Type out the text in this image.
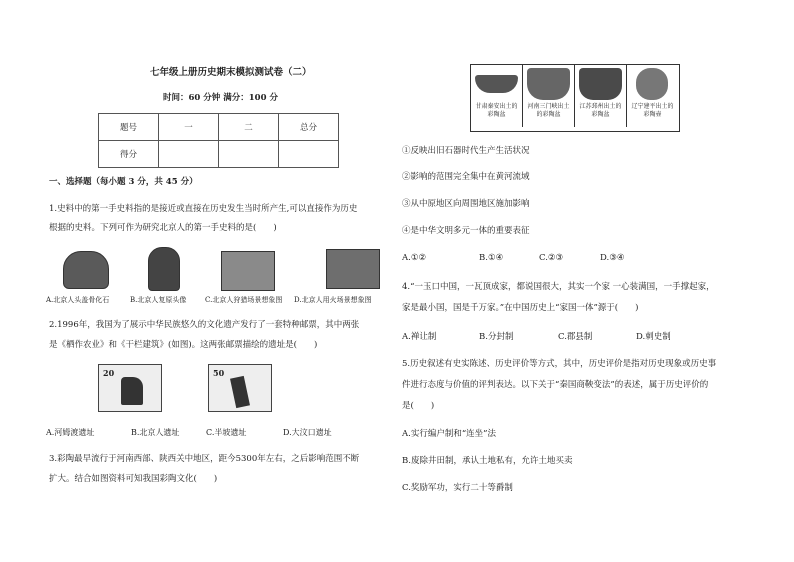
七年级上册历史期末模拟测试卷（二）
时间：60 分钟 满分：100 分
题号	一	二	总分
得分			
一、选择题（每小题 3 分，共 45 分）
1.史料中的第一手史料指的是接近或直接在历史发生当时所产生,可以直接作为历史
根据的史料。下列可作为研究北京人的第一手史料的是(　　)
A.北京人头盖骨化石	B.北京人复原头像	C.北京人狩猎场景想象图 D.北京人用火场景想象图
2.1996年，我国为了展示中华民族悠久的文化遗产发行了一套特种邮票，其中两张
是《栖作农业》和《干栏建筑》(如图)。这两张邮票描绘的遗址是(　　)
20	50
A.河姆渡遗址	B.北京人遗址	C.半坡遗址	D.大汶口遗址
3.彩陶最早流行于河南西部、陕西关中地区，距今5300年左右，之后影响范围不断
扩大。结合如图资料可知我国彩陶文化(　　)
甘肃秦安出土的彩陶盆
河南三门峡出土的彩陶盆
江苏邳州出土的彩陶盆
辽宁建平出土的彩陶壶
①反映出旧石器时代生产生活状况
②影响的范围完全集中在黄河流域
③从中原地区向周围地区施加影响
④是中华文明多元一体的重要表征
A.①②	B.①④	C.②③	D.③④
4.“一玉口中国，一瓦顶成家，都说国很大，其实一个家 一心装满国，一手撑起家，
家是最小国，国是千万家。”在中国历史上“家国一体”源于(　　)
A.禅让制	B.分封制	C.郡县制	D.刺史制
5.历史叙述有史实陈述、历史评价等方式，其中，历史评价是指对历史现象或历史事
件进行态度与价值的评判表达。以下关于“秦国商鞅变法”的表述，属于历史评价的
是(　　)
A.实行编户制和“连坐”法
B.废除井田制，承认土地私有，允许土地买卖
C.奖励军功，实行二十等爵制
